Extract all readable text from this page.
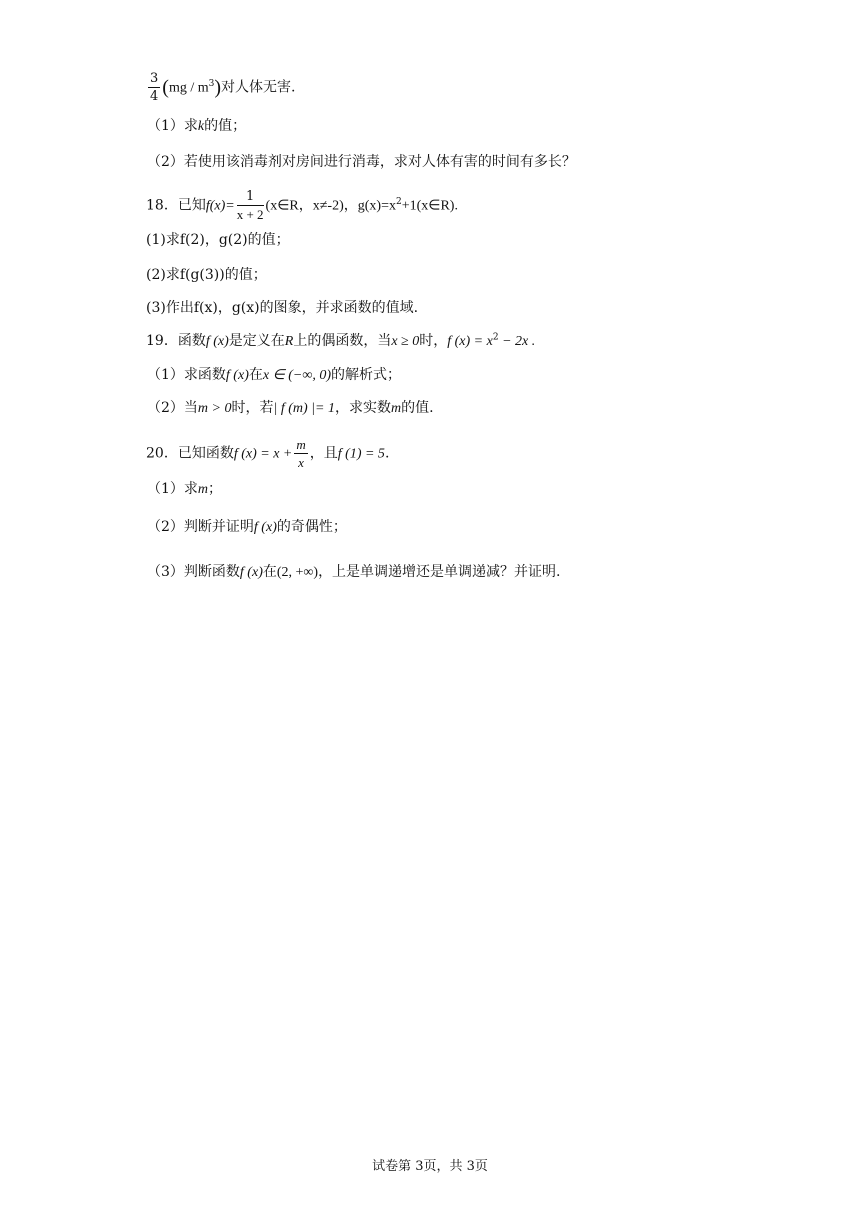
$\frac{3}{4} (mg / m^3)$对人体无害.
（1）求k的值；
（2）若使用该消毒剂对房间进行消毒，求对人体有害的时间有多长？
18．已知$f(x)= \frac{1}{x + 2}$ (x∈R，x≠-2)，$g(x)=x^2+1(x\in R)$.
(1)求f(2)，g(2)的值；
(2)求f(g(3))的值；
(3)作出f(x)，g(x)的图象，并求函数的值域.
19．函数f (x)是定义在R上的偶函数，当x ≥ 0时，f $(x) = x^2 - 2x$ .
（1）求函数f (x)在x ∈ (−∞, 0)的解析式；
（2）当m > 0时，若| f (m) |= 1，求实数m的值.
20．已知函数f $(x) = x + \frac{m}{x}$ ，且f (1) = 5.
（1）求m；
（2）判断并证明f (x)的奇偶性；
（3）判断函数f (x)在(2, +∞)，上是单调递增还是单调递减？并证明.
试卷第 3页，共 3页
